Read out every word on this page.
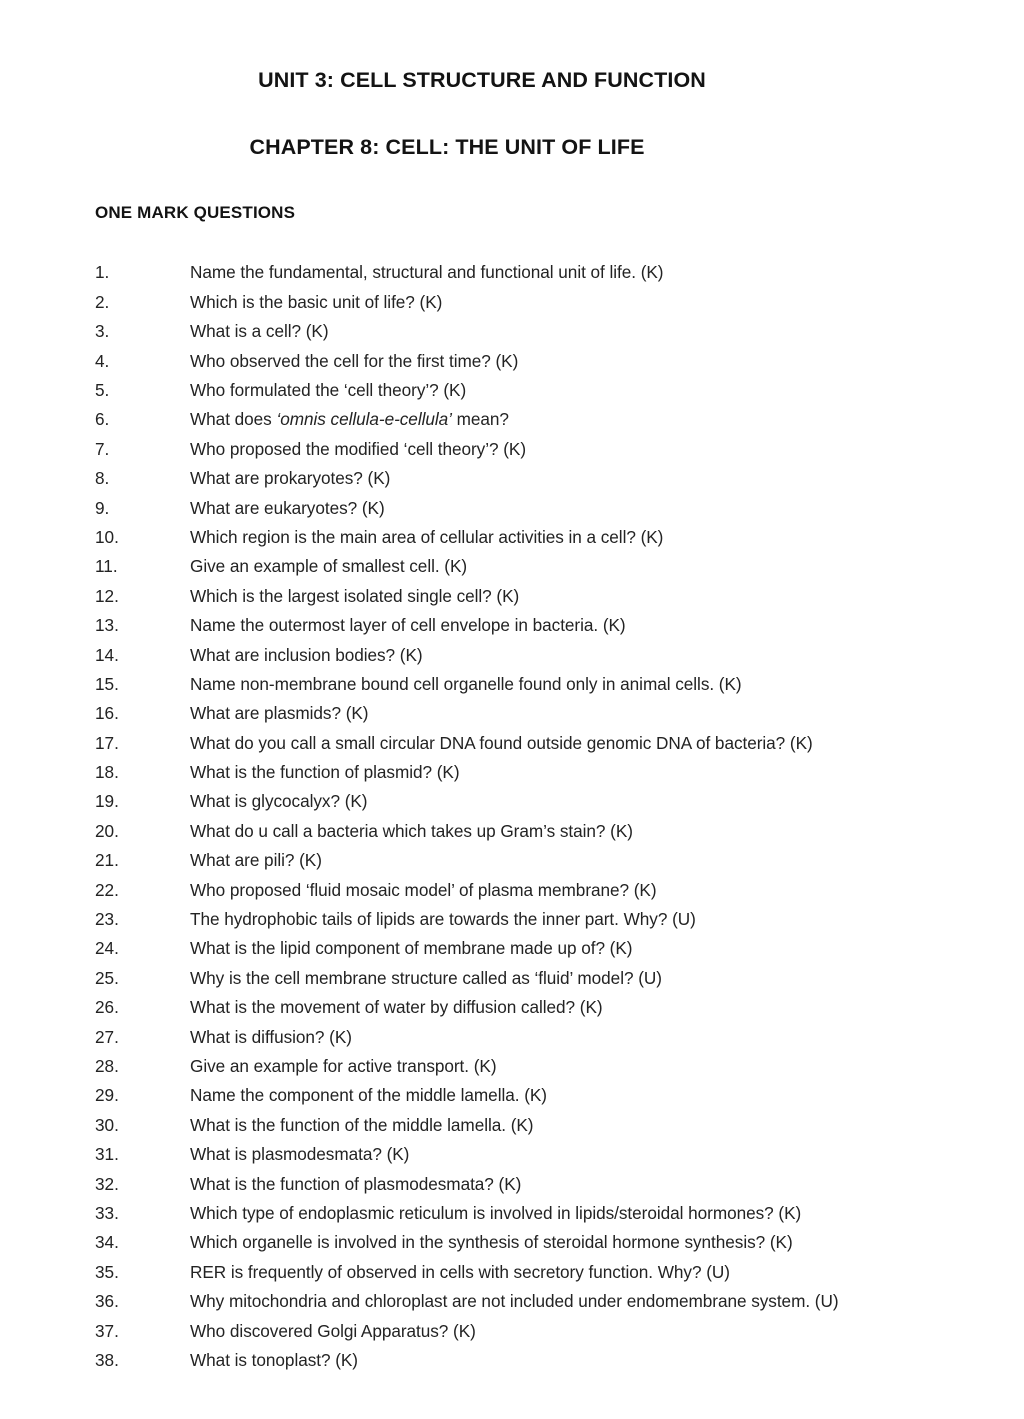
UNIT 3: CELL STRUCTURE AND FUNCTION
CHAPTER 8: CELL: THE UNIT OF LIFE
ONE MARK QUESTIONS
1.	Name the fundamental, structural and functional unit of life. (K)
2.	Which is the basic unit of life? (K)
3.	What is a cell? (K)
4.	Who observed the cell for the first time? (K)
5.	Who formulated the ‘cell theory’? (K)
6.	What does ‘omnis cellula-e-cellula’ mean?
7.	Who proposed the modified ‘cell theory’? (K)
8.	What are prokaryotes? (K)
9.	What are eukaryotes? (K)
10.	Which region is the main area of cellular activities in a cell? (K)
11.	Give an example of smallest cell. (K)
12.	Which is the largest isolated single cell? (K)
13.	Name the outermost layer of cell envelope in bacteria. (K)
14.	What are inclusion bodies? (K)
15.	Name non-membrane bound cell organelle found only in animal cells. (K)
16.	What are plasmids? (K)
17.	What do you call a small circular DNA found outside genomic DNA of bacteria? (K)
18.	What is the function of plasmid? (K)
19.	What is glycocalyx? (K)
20.	What do u call a bacteria which takes up Gram’s stain? (K)
21.	What are pili? (K)
22.	Who proposed ‘fluid mosaic model’ of plasma membrane? (K)
23.	The hydrophobic tails of lipids are towards the inner part. Why? (U)
24.	What is the lipid component of membrane made up of? (K)
25.	Why is the cell membrane structure called as ‘fluid’ model? (U)
26.	What is the movement of water by diffusion called? (K)
27.	What is diffusion? (K)
28.	Give an example for active transport. (K)
29.	Name the component of the middle lamella. (K)
30.	What is the function of the middle lamella. (K)
31.	What is plasmodesmata? (K)
32.	What is the function of plasmodesmata? (K)
33.	Which type of endoplasmic reticulum is involved in lipids/steroidal hormones? (K)
34.	Which organelle is involved in the synthesis of steroidal hormone synthesis? (K)
35.	RER is frequently of observed in cells with secretory function. Why? (U)
36.	Why mitochondria and chloroplast are not included under endomembrane system. (U)
37.	Who discovered Golgi Apparatus? (K)
38.	What is tonoplast? (K)
